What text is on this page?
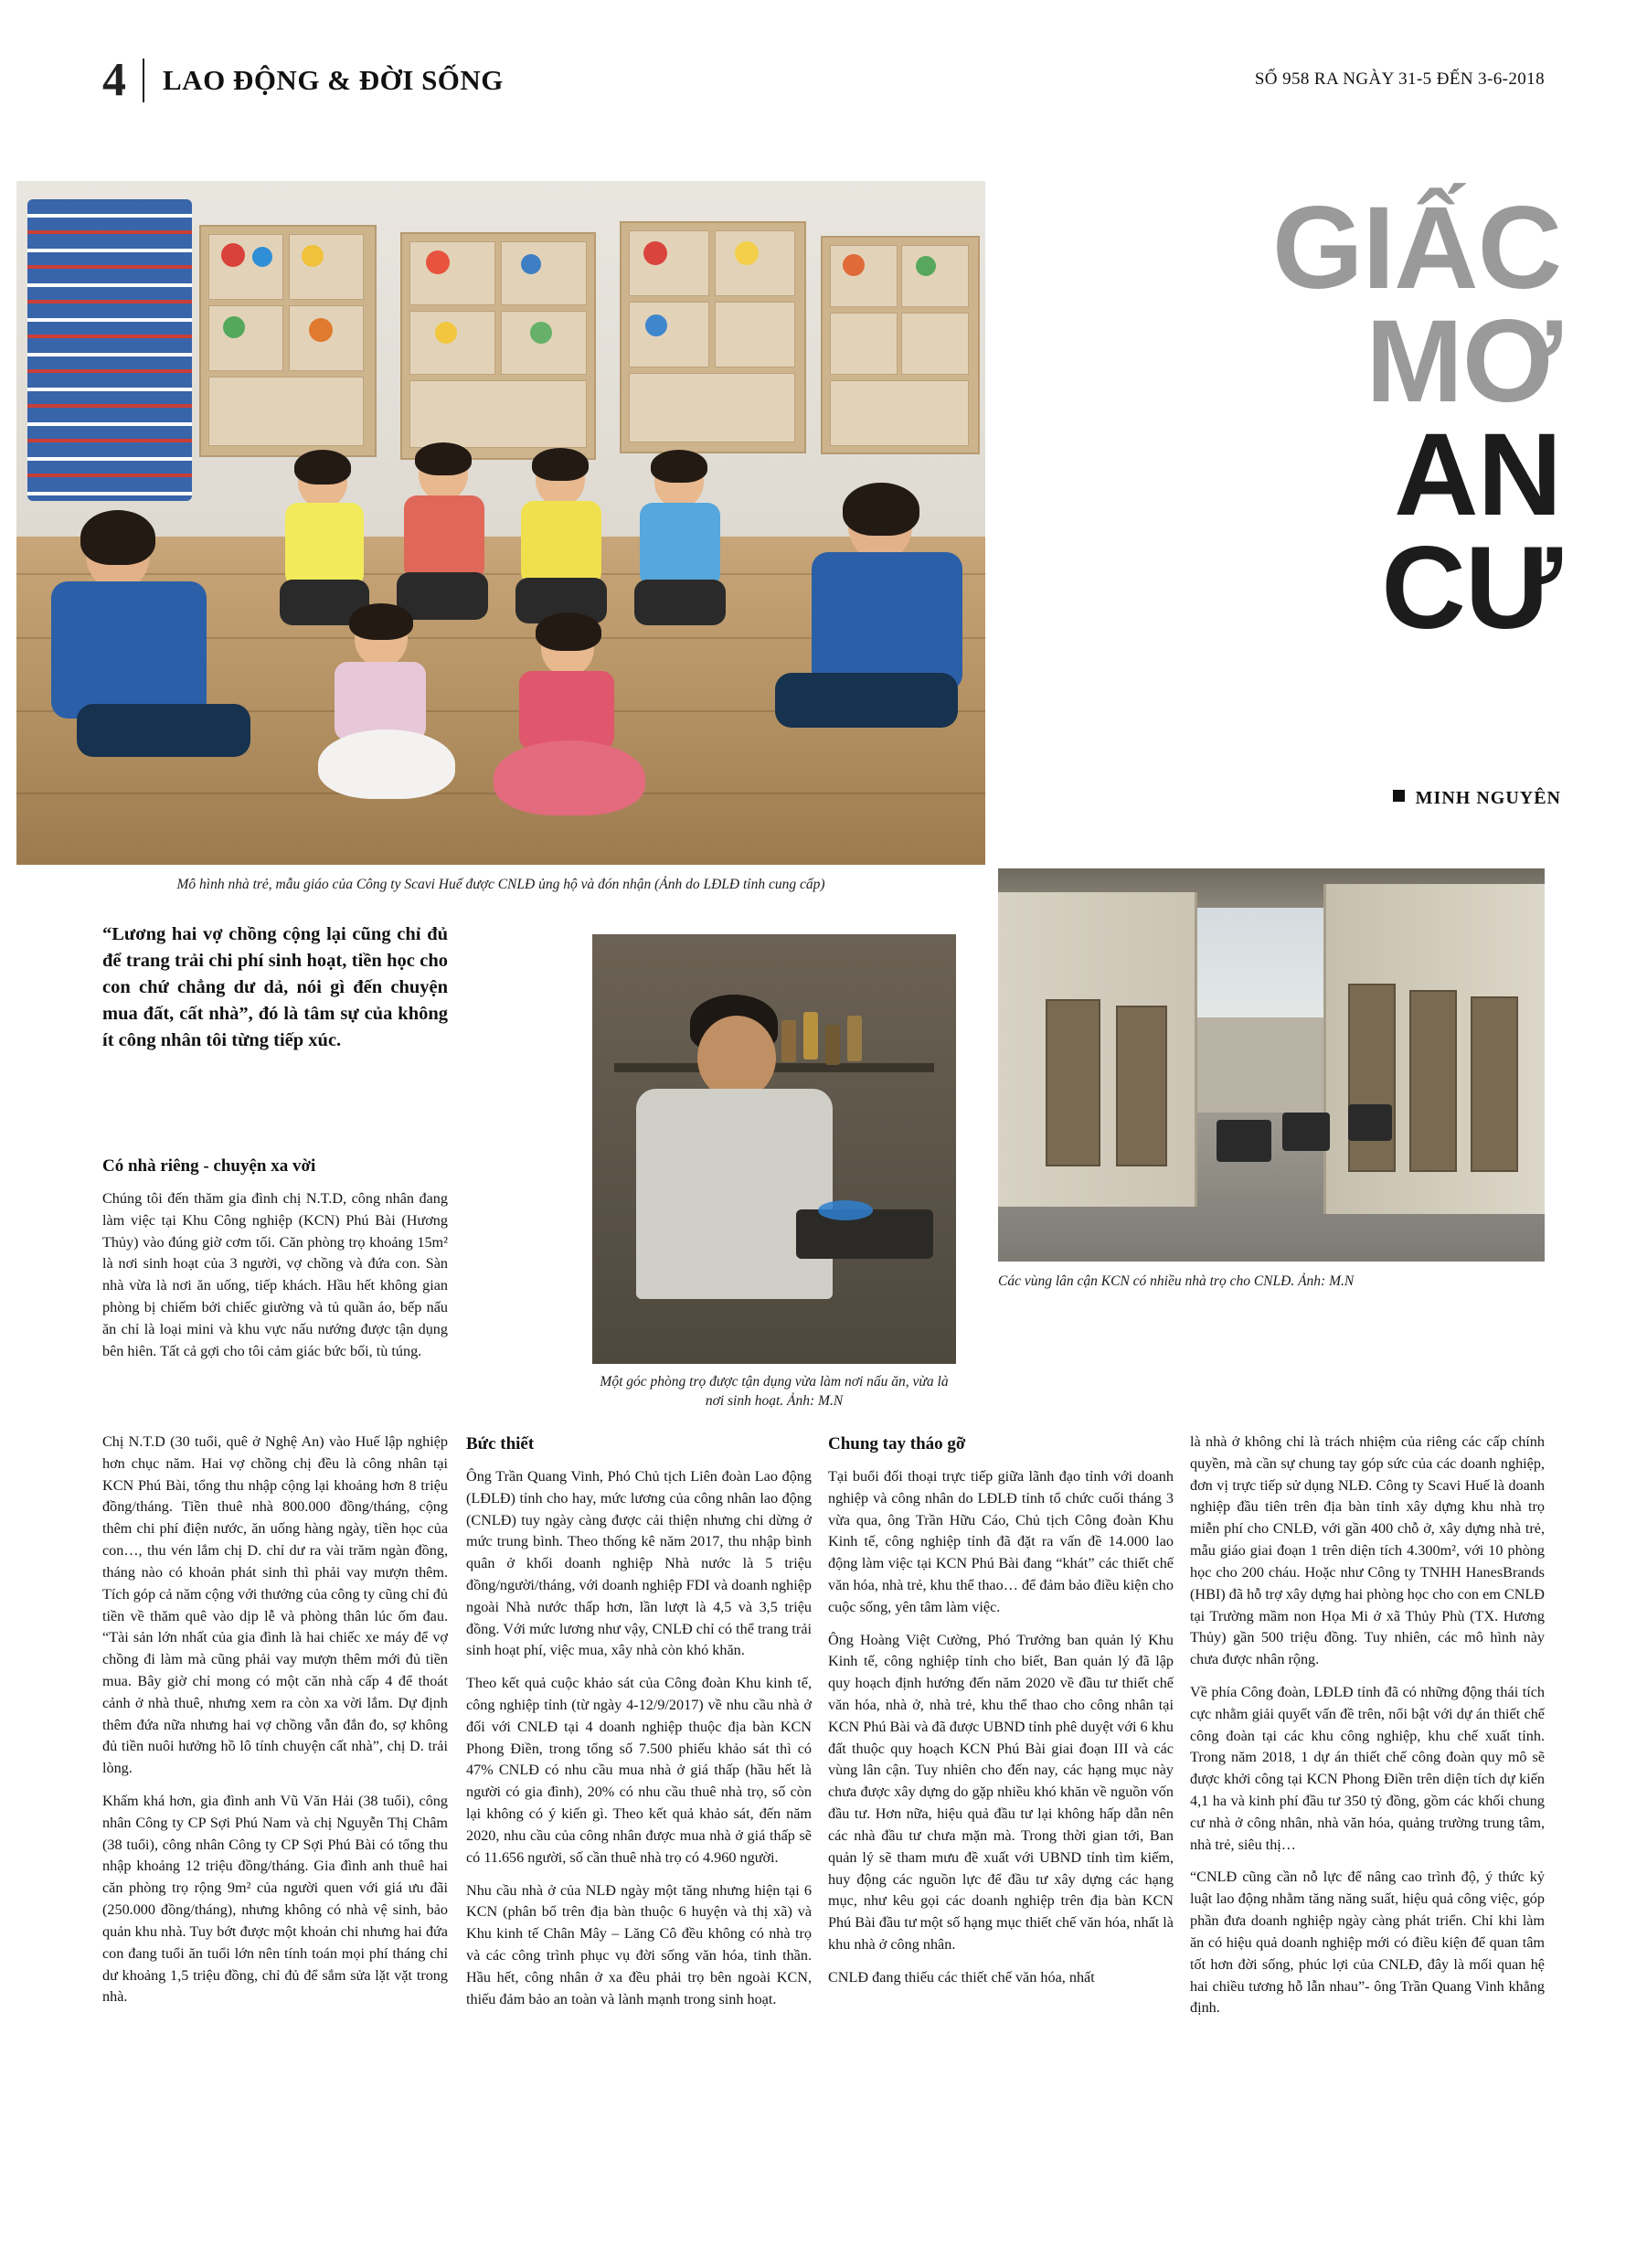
4	LAO ĐỘNG & ĐỜI SỐNG	SỐ 958 RA NGÀY 31-5 ĐẾN 3-6-2018
Mô hình nhà trẻ, mẫu giáo của Công ty Scavi Huế được CNLĐ ủng hộ và đón nhận (Ảnh do LĐLĐ tỉnh cung cấp)
GIẤC
MƠ
AN
CƯ
MINH NGUYÊN
Các vùng lân cận KCN có nhiều nhà trọ cho CNLĐ. Ảnh: M.N
“Lương hai vợ chồng cộng lại cũng chỉ đủ để trang trải chi phí sinh hoạt, tiền học cho con chứ chẳng dư dả, nói gì đến chuyện mua đất, cất nhà”, đó là tâm sự của không ít công nhân tôi từng tiếp xúc.
Có nhà riêng - chuyện xa vời

Chúng tôi đến thăm gia đình chị N.T.D, công nhân đang làm việc tại Khu Công nghiệp (KCN) Phú Bài (Hương Thủy) vào đúng giờ cơm tối. Căn phòng trọ khoảng 15m² là nơi sinh hoạt của 3 người, vợ chồng và đứa con. Sàn nhà vừa là nơi ăn uống, tiếp khách. Hầu hết không gian phòng bị chiếm bởi chiếc giường và tủ quần áo, bếp nấu ăn chỉ là loại mini và khu vực nấu nướng được tận dụng bên hiên. Tất cả gợi cho tôi cảm giác bức bối, tù túng.

Chị N.T.D (30 tuổi, quê ở Nghệ An) vào Huế lập nghiệp hơn chục năm. Hai vợ chồng chị đều là công nhân tại KCN Phú Bài, tổng thu nhập cộng lại khoảng hơn 8 triệu đồng/tháng. Tiền thuê nhà 800.000 đồng/tháng, cộng thêm chi phí điện nước, ăn uống hàng ngày, tiền học của con…, thu vén lắm chị D. chỉ dư ra vài trăm ngàn đồng, tháng nào có khoản phát sinh thì phải vay mượn thêm. Tích góp cả năm cộng với thưởng của công ty cũng chỉ đủ tiền về thăm quê vào dịp lễ và phòng thân lúc ốm đau. “Tài sản lớn nhất của gia đình là hai chiếc xe máy để vợ chồng đi làm mà cũng phải vay mượn thêm mới đủ tiền mua. Bây giờ chỉ mong có một căn nhà cấp 4 để thoát cảnh ở nhà thuê, nhưng xem ra còn xa vời lắm. Dự định thêm đứa nữa nhưng hai vợ chồng vẫn đắn đo, sợ không đủ tiền nuôi hưởng hồ lô tính chuyện cất nhà”, chị D. trải lòng.

Khấm khá hơn, gia đình anh Vũ Văn Hải (38 tuổi), công nhân Công ty CP Sợi Phú Nam và chị Nguyễn Thị Châm (38 tuổi), công nhân Công ty CP Sợi Phú Bài có tổng thu nhập khoảng 12 triệu đồng/tháng. Gia đình anh thuê hai căn phòng trọ rộng 9m² của người quen với giá ưu đãi (250.000 đồng/tháng), nhưng không có nhà vệ sinh, bảo quản khu nhà. Tuy bớt được một khoản chi nhưng hai đứa con đang tuổi ăn tuổi lớn nên tính toán mọi phí tháng chỉ dư khoảng 1,5 triệu đồng, chỉ đủ để sắm sửa lặt vặt trong nhà.

Một góc phòng trọ được tận dụng vừa làm nơi nấu ăn, vừa là nơi sinh hoạt. Ảnh: M.N
Bức thiết

Ông Trần Quang Vinh, Phó Chủ tịch Liên đoàn Lao động (LĐLĐ) tỉnh cho hay, mức lương của công nhân lao động (CNLĐ) tuy ngày càng được cải thiện nhưng chi dừng ở mức trung bình. Theo thống kê năm 2017, thu nhập bình quân ở khối doanh nghiệp Nhà nước là 5 triệu đồng/người/tháng, với doanh nghiệp FDI và doanh nghiệp ngoài Nhà nước thấp hơn, lần lượt là 4,5 và 3,5 triệu đồng. Với mức lương như vậy, CNLĐ chỉ có thể trang trải sinh hoạt phí, việc mua, xây nhà còn khó khăn.

Theo kết quả cuộc khảo sát của Công đoàn Khu kinh tế, công nghiệp tỉnh (từ ngày 4-12/9/2017) về nhu cầu nhà ở đối với CNLĐ tại 4 doanh nghiệp thuộc địa bàn KCN Phong Điền, trong tổng số 7.500 phiếu khảo sát thì có 47% CNLĐ có nhu cầu mua nhà ở giá thấp (hầu hết là người có gia đình), 20% có nhu cầu thuê nhà trọ, số còn lại không có ý kiến gì. Theo kết quả khảo sát, đến năm 2020, nhu cầu của công nhân được mua nhà ở giá thấp sẽ có 11.656 người, số cần thuê nhà trọ có 4.960 người.

Nhu cầu nhà ở của NLĐ ngày một tăng nhưng hiện tại 6 KCN (phân bổ trên địa bàn thuộc 6 huyện và thị xã) và Khu kinh tế Chân Mây – Lăng Cô đều không có nhà trọ và các công trình phục vụ đời sống văn hóa, tinh thần. Hầu hết, công nhân ở xa đều phải trọ bên ngoài KCN, thiếu đảm bảo an toàn và lành mạnh trong sinh hoạt.

Chung tay tháo gỡ

Tại buổi đối thoại trực tiếp giữa lãnh đạo tỉnh với doanh nghiệp và công nhân do LĐLĐ tỉnh tổ chức cuối tháng 3 vừa qua, ông Trần Hữu Cáo, Chủ tịch Công đoàn Khu Kinh tế, công nghiệp tỉnh đã đặt ra vấn đề 14.000 lao động làm việc tại KCN Phú Bài đang “khát” các thiết chế văn hóa, nhà trẻ, khu thể thao… để đảm bảo điều kiện cho cuộc sống, yên tâm làm việc.

Ông Hoàng Việt Cường, Phó Trưởng ban quản lý Khu Kinh tế, công nghiệp tỉnh cho biết, Ban quản lý đã lập quy hoạch định hướng đến năm 2020 về đầu tư thiết chế văn hóa, nhà ở, nhà trẻ, khu thể thao cho công nhân tại KCN Phú Bài và đã được UBND tỉnh phê duyệt với 6 khu đất thuộc quy hoạch KCN Phú Bài giai đoạn III và các vùng lân cận. Tuy nhiên cho đến nay, các hạng mục này chưa được xây dựng do gặp nhiều khó khăn về nguồn vốn đầu tư. Hơn nữa, hiệu quả đầu tư lại không hấp dẫn nên các nhà đầu tư chưa mặn mà. Trong thời gian tới, Ban quản lý sẽ tham mưu đề xuất với UBND tỉnh tìm kiếm, huy động các nguồn lực để đầu tư xây dựng các hạng mục, như kêu gọi các doanh nghiệp trên địa bàn KCN Phú Bài đầu tư một số hạng mục thiết chế văn hóa, nhất là khu nhà ở công nhân.

CNLĐ đang thiếu các thiết chế văn hóa, nhất

là nhà ở không chỉ là trách nhiệm của riêng các cấp chính quyền, mà cần sự chung tay góp sức của các doanh nghiệp, đơn vị trực tiếp sử dụng NLĐ. Công ty Scavi Huế là doanh nghiệp đầu tiên trên địa bàn tỉnh xây dựng khu nhà trọ miễn phí cho CNLĐ, với gần 400 chỗ ở, xây dựng nhà trẻ, mẫu giáo giai đoạn 1 trên diện tích 4.300m², với 10 phòng học cho 200 cháu. Hoặc như Công ty TNHH HanesBrands (HBI) đã hỗ trợ xây dựng hai phòng học cho con em CNLĐ tại Trường mầm non Họa Mi ở xã Thủy Phù (TX. Hương Thủy) gần 500 triệu đồng. Tuy nhiên, các mô hình này chưa được nhân rộng.

Về phía Công đoàn, LĐLĐ tỉnh đã có những động thái tích cực nhằm giải quyết vấn đề trên, nổi bật với dự án thiết chế công đoàn tại các khu công nghiệp, khu chế xuất tỉnh. Trong năm 2018, 1 dự án thiết chế công đoàn quy mô sẽ được khởi công tại KCN Phong Điền trên diện tích dự kiến 4,1 ha và kinh phí đầu tư 350 tỷ đồng, gồm các khối chung cư nhà ở công nhân, nhà văn hóa, quảng trường trung tâm, nhà trẻ, siêu thị…

“CNLĐ cũng cần nỗ lực để nâng cao trình độ, ý thức kỷ luật lao động nhằm tăng năng suất, hiệu quả công việc, góp phần đưa doanh nghiệp ngày càng phát triển. Chỉ khi làm ăn có hiệu quả doanh nghiệp mới có điều kiện để quan tâm tốt hơn đời sống, phúc lợi của CNLĐ, đây là mối quan hệ hai chiều tương hỗ lẫn nhau”- ông Trần Quang Vinh khẳng định.
